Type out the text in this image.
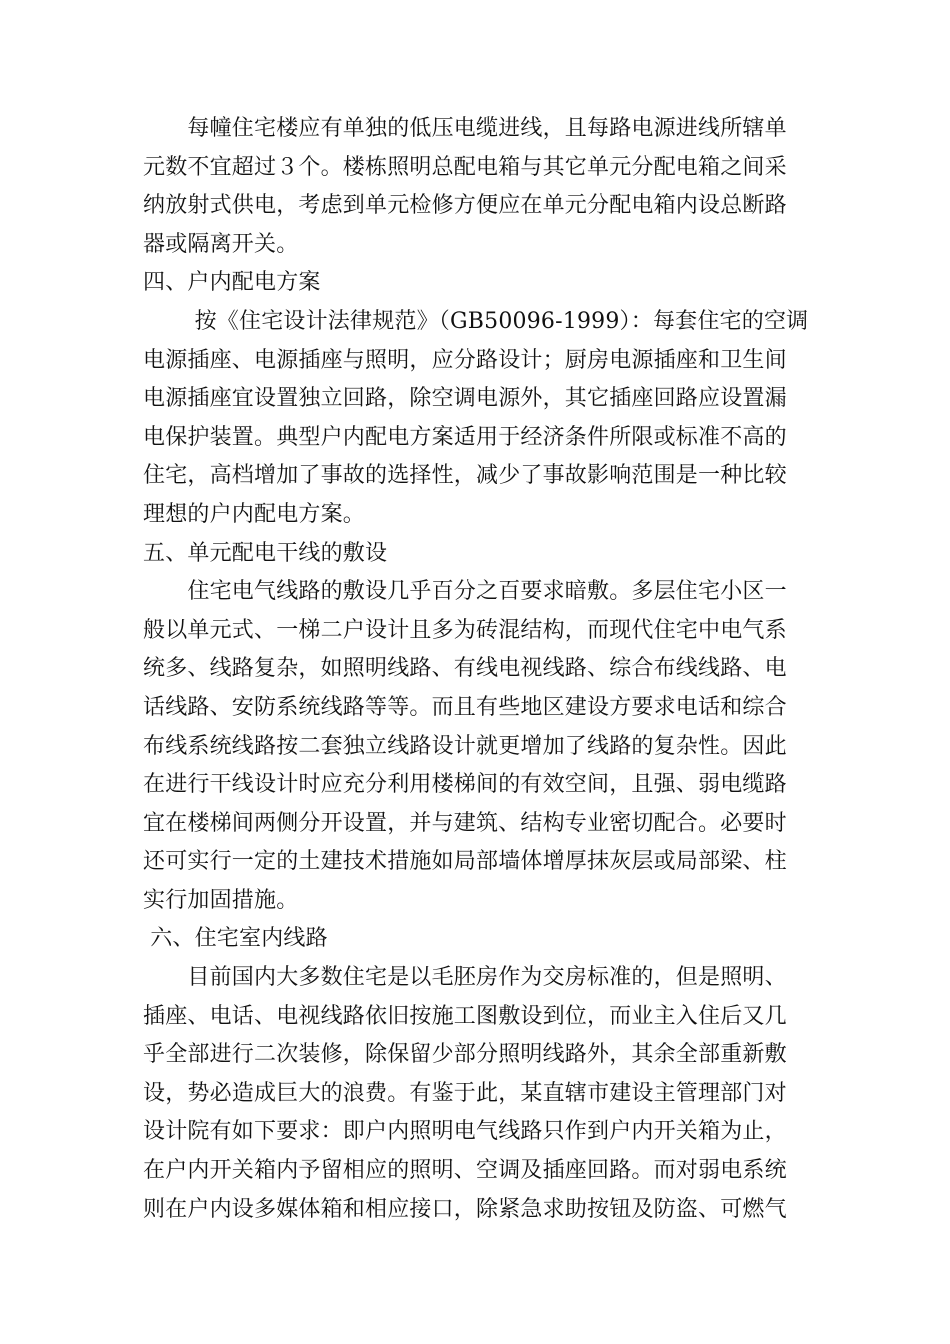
　　每幢住宅楼应有单独的低压电缆进线，且每路电源进线所辖单
元数不宜超过３个。楼栋照明总配电箱与其它单元分配电箱之间采
纳放射式供电，考虑到单元检修方便应在单元分配电箱内设总断路
器或隔离开关。
四、户内配电方案
　　 按《住宅设计法律规范》（GB50096-1999）：每套住宅的空调
电源插座、电源插座与照明，应分路设计；厨房电源插座和卫生间
电源插座宜设置独立回路，除空调电源外，其它插座回路应设置漏
电保护装置。典型户内配电方案适用于经济条件所限或标准不高的
住宅，高档增加了事故的选择性，减少了事故影响范围是一种比较
理想的户内配电方案。
五、单元配电干线的敷设
　　住宅电气线路的敷设几乎百分之百要求暗敷。多层住宅小区一
般以单元式、一梯二户设计且多为砖混结构，而现代住宅中电气系
统多、线路复杂，如照明线路、有线电视线路、综合布线线路、电
话线路、安防系统线路等等。而且有些地区建设方要求电话和综合
布线系统线路按二套独立线路设计就更增加了线路的复杂性。因此
在进行干线设计时应充分利用楼梯间的有效空间，且强、弱电缆路
宜在楼梯间两侧分开设置，并与建筑、结构专业密切配合。必要时
还可实行一定的土建技术措施如局部墙体增厚抹灰层或局部梁、柱
实行加固措施。
六、住宅室内线路
　　目前国内大多数住宅是以毛胚房作为交房标准的，但是照明、
插座、电话、电视线路依旧按施工图敷设到位，而业主入住后又几
乎全部进行二次装修，除保留少部分照明线路外，其余全部重新敷
设，势必造成巨大的浪费。有鉴于此，某直辖市建设主管理部门对
设计院有如下要求：即户内照明电气线路只作到户内开关箱为止，
在户内开关箱内予留相应的照明、空调及插座回路。而对弱电系统
则在户内设多媒体箱和相应接口，除紧急求助按钮及防盗、可燃气
